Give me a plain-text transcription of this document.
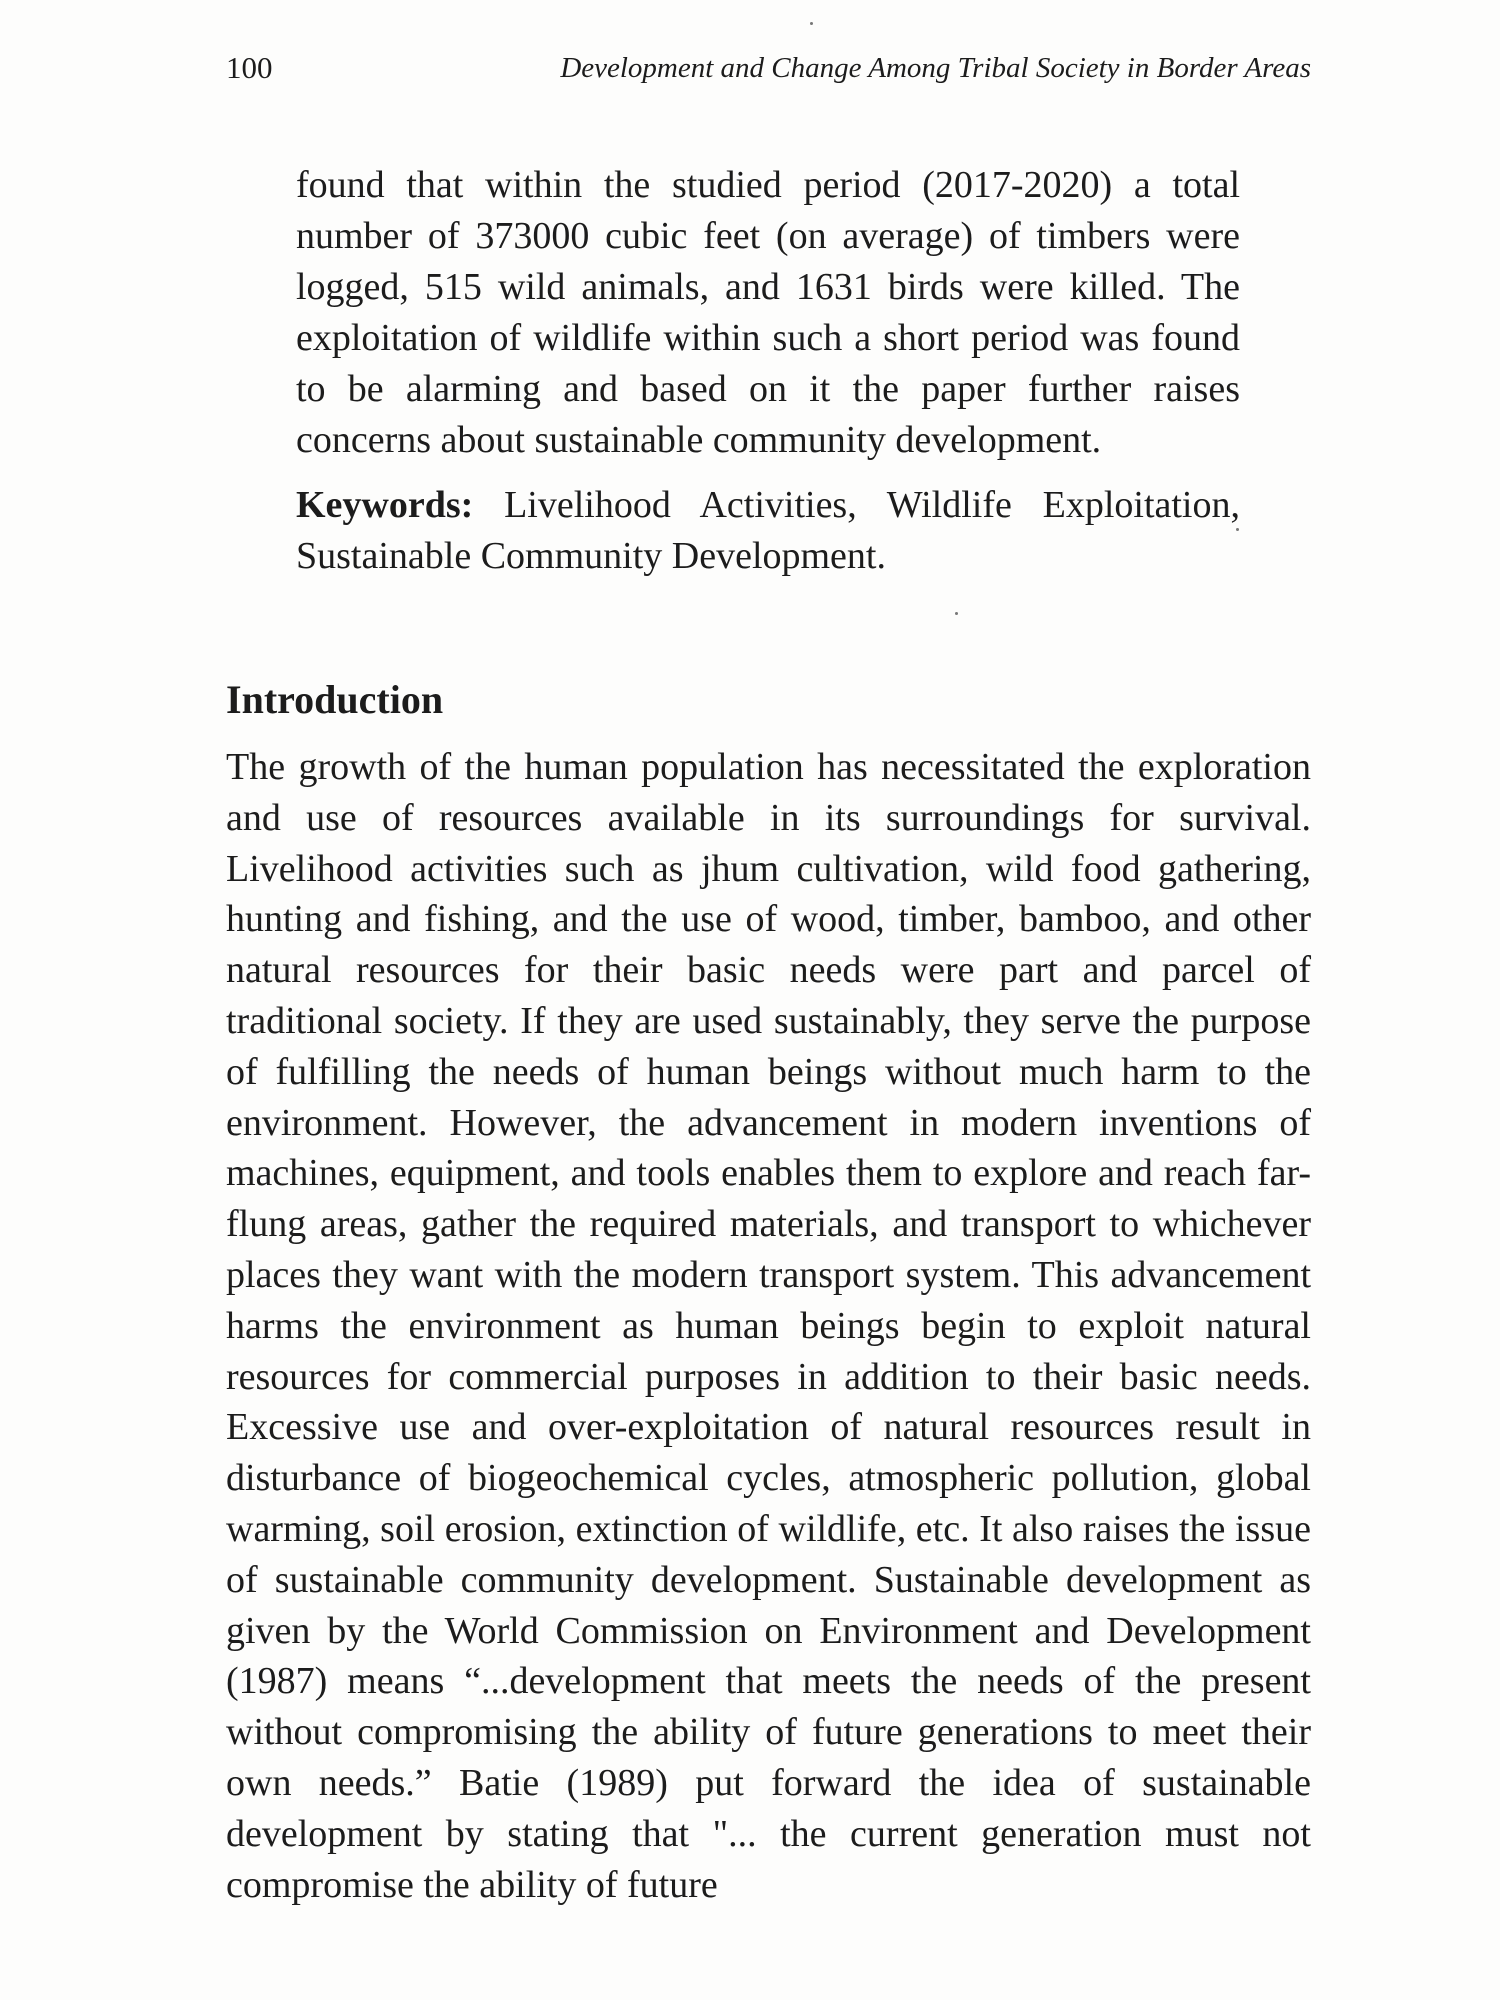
100	Development and Change Among Tribal Society in Border Areas

found that within the studied period (2017-2020) a total number of 373000 cubic feet (on average) of timbers were logged, 515 wild animals, and 1631 birds were killed. The exploitation of wildlife within such a short period was found to be alarming and based on it the paper further raises concerns about sustainable community development.

Keywords: Livelihood Activities, Wildlife Exploitation, Sustainable Community Development.

Introduction

The growth of the human population has necessitated the exploration and use of resources available in its surroundings for survival. Livelihood activities such as jhum cultivation, wild food gathering, hunting and fishing, and the use of wood, timber, bamboo, and other natural resources for their basic needs were part and parcel of traditional society. If they are used sustainably, they serve the purpose of fulfilling the needs of human beings without much harm to the environment. However, the advancement in modern inventions of machines, equipment, and tools enables them to explore and reach far-flung areas, gather the required materials, and transport to whichever places they want with the modern transport system. This advancement harms the environment as human beings begin to exploit natural resources for commercial purposes in addition to their basic needs. Excessive use and over-exploitation of natural resources result in disturbance of biogeochemical cycles, atmospheric pollution, global warming, soil erosion, extinction of wildlife, etc. It also raises the issue of sustainable community development. Sustainable development as given by the World Commission on Environment and Development (1987) means “...development that meets the needs of the present without compromising the ability of future generations to meet their own needs.” Batie (1989) put forward the idea of sustainable development by stating that "... the current generation must not compromise the ability of future
